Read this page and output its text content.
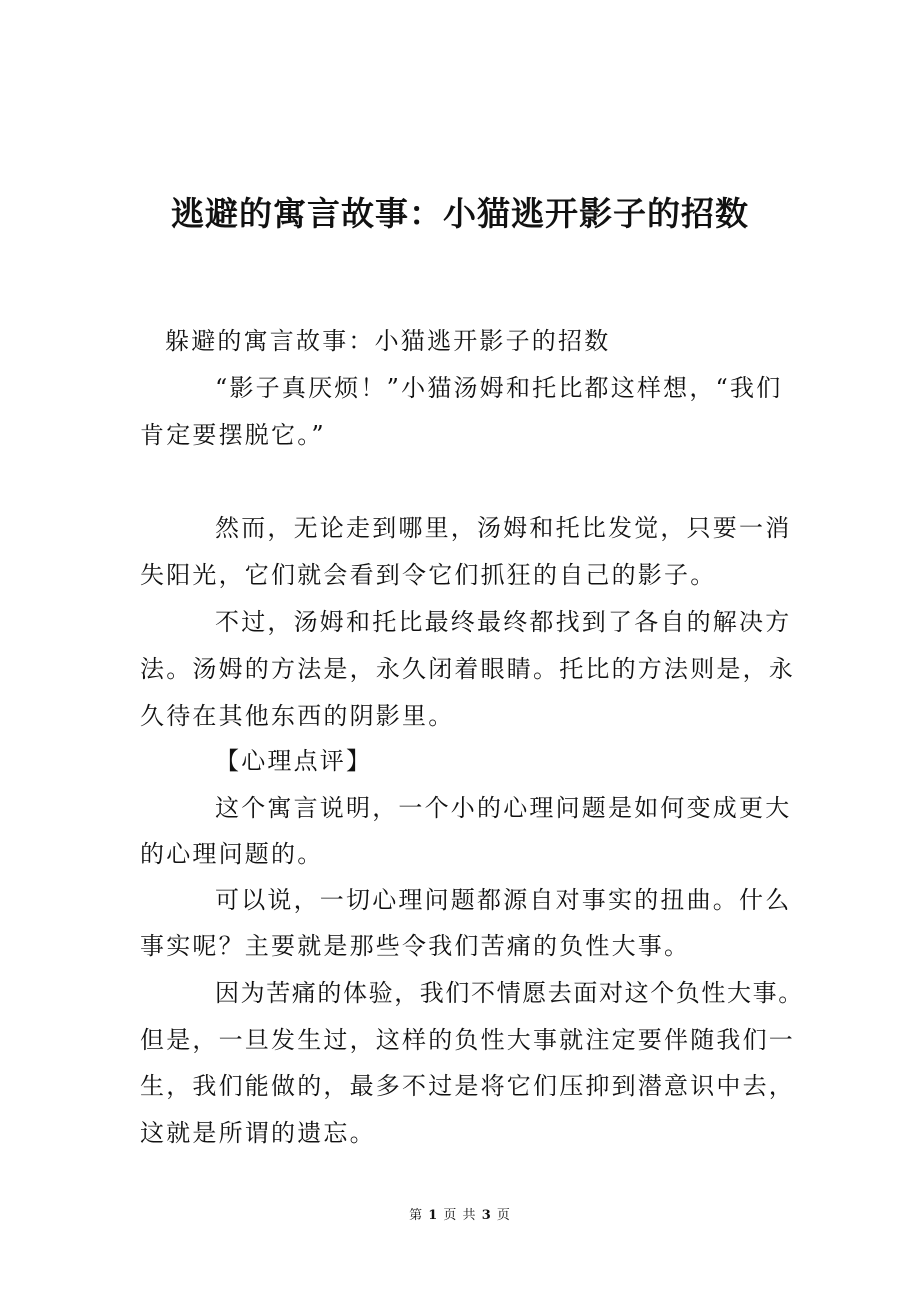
逃避的寓言故事：小猫逃开影子的招数

躲避的寓言故事：小猫逃开影子的招数

“影子真厌烦！”小猫汤姆和托比都这样想，“我们

肯定要摆脱它。”

然而，无论走到哪里，汤姆和托比发觉，只要一消

失阳光，它们就会看到令它们抓狂的自己的影子。

不过，汤姆和托比最终最终都找到了各自的解决方

法。汤姆的方法是，永久闭着眼睛。托比的方法则是，永

久待在其他东西的阴影里。

【心理点评】

这个寓言说明，一个小的心理问题是如何变成更大

的心理问题的。

可以说，一切心理问题都源自对事实的扭曲。什么

事实呢？主要就是那些令我们苦痛的负性大事。

因为苦痛的体验，我们不情愿去面对这个负性大事。

但是，一旦发生过，这样的负性大事就注定要伴随我们一

生，我们能做的，最多不过是将它们压抑到潜意识中去，

这就是所谓的遗忘。

第 1 页 共 3 页
